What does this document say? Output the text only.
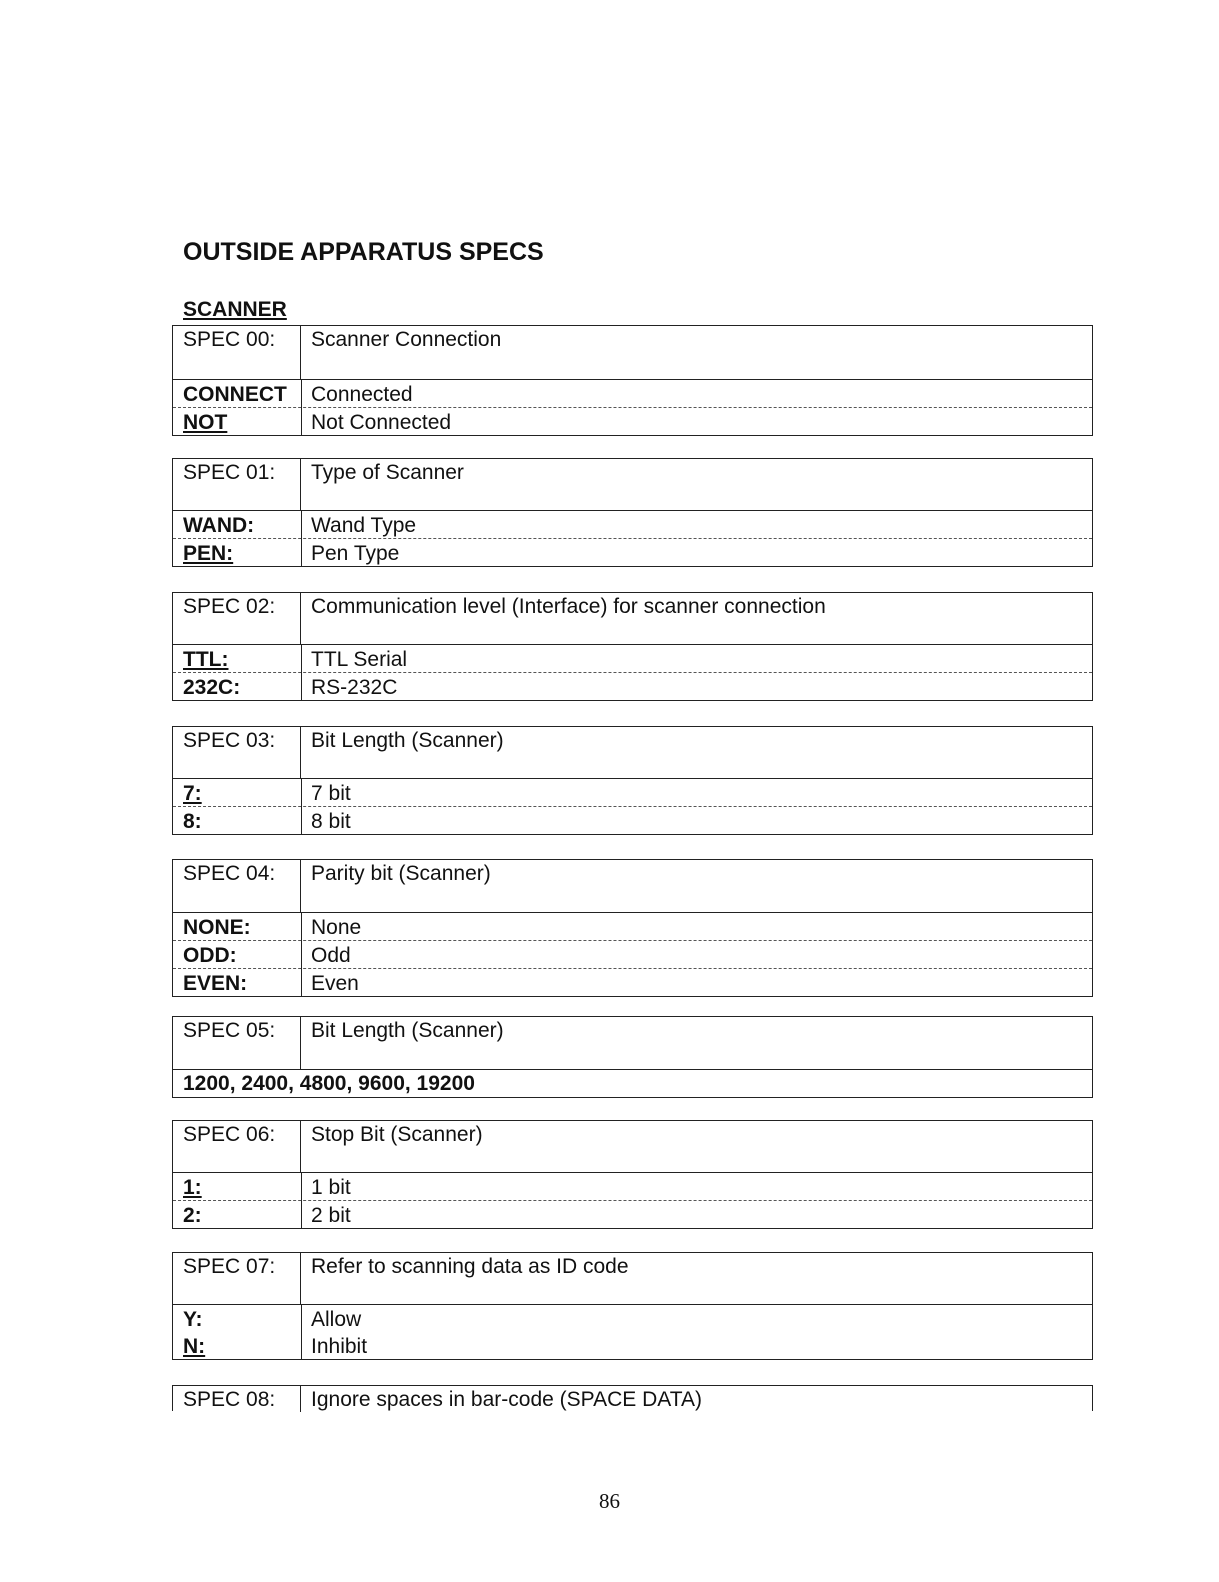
OUTSIDE APPARATUS SPECS
SCANNER
SPEC 00:	Scanner Connection
CONNECT	Connected
NOT	Not Connected
SPEC 01:	Type of Scanner
WAND:	Wand Type
PEN:	Pen Type
SPEC 02:	Communication level (Interface) for scanner connection
TTL:	TTL Serial
232C:	RS-232C
SPEC 03:	Bit Length (Scanner)
7:	7 bit
8:	8 bit
SPEC 04:	Parity bit (Scanner)
NONE:	None
ODD:	Odd
EVEN:	Even
SPEC 05:	Bit Length (Scanner)
1200, 2400, 4800, 9600, 19200
SPEC 06:	Stop Bit (Scanner)
1:	1 bit
2:	2 bit
SPEC 07:	Refer to scanning data as ID code
Y:	Allow
N:	Inhibit
SPEC 08:	Ignore spaces in bar-code (SPACE DATA)
86
